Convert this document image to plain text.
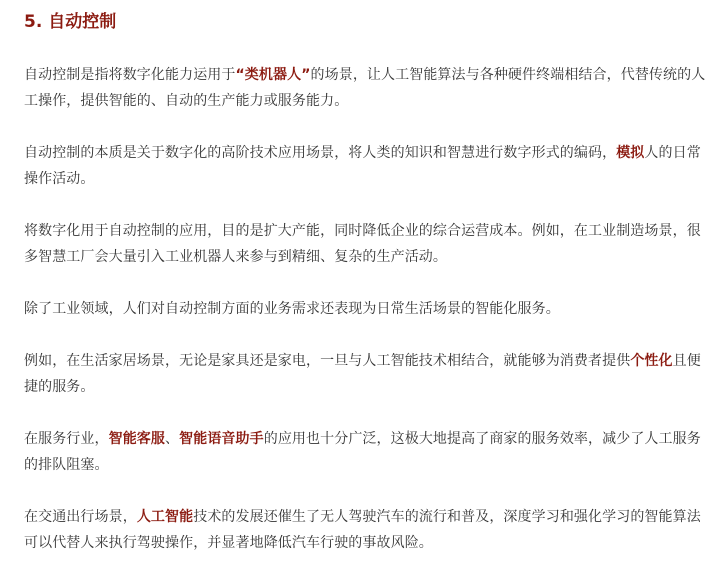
5. 自动控制

自动控制是指将数字化能力运用于“类机器人”的场景，让人工智能算法与各种硬件终端相结合，代替传统的人工操作，提供智能的、自动的生产能力或服务能力。

自动控制的本质是关于数字化的高阶技术应用场景，将人类的知识和智慧进行数字形式的编码，模拟人的日常操作活动。

将数字化用于自动控制的应用，目的是扩大产能，同时降低企业的综合运营成本。例如，在工业制造场景，很多智慧工厂会大量引入工业机器人来参与到精细、复杂的生产活动。

除了工业领域，人们对自动控制方面的业务需求还表现为日常生活场景的智能化服务。

例如，在生活家居场景，无论是家具还是家电，一旦与人工智能技术相结合，就能够为消费者提供个性化且便捷的服务。

在服务行业，智能客服、智能语音助手的应用也十分广泛，这极大地提高了商家的服务效率，减少了人工服务的排队阻塞。

在交通出行场景，人工智能技术的发展还催生了无人驾驶汽车的流行和普及，深度学习和强化学习的智能算法可以代替人来执行驾驶操作，并显著地降低汽车行驶的事故风险。
